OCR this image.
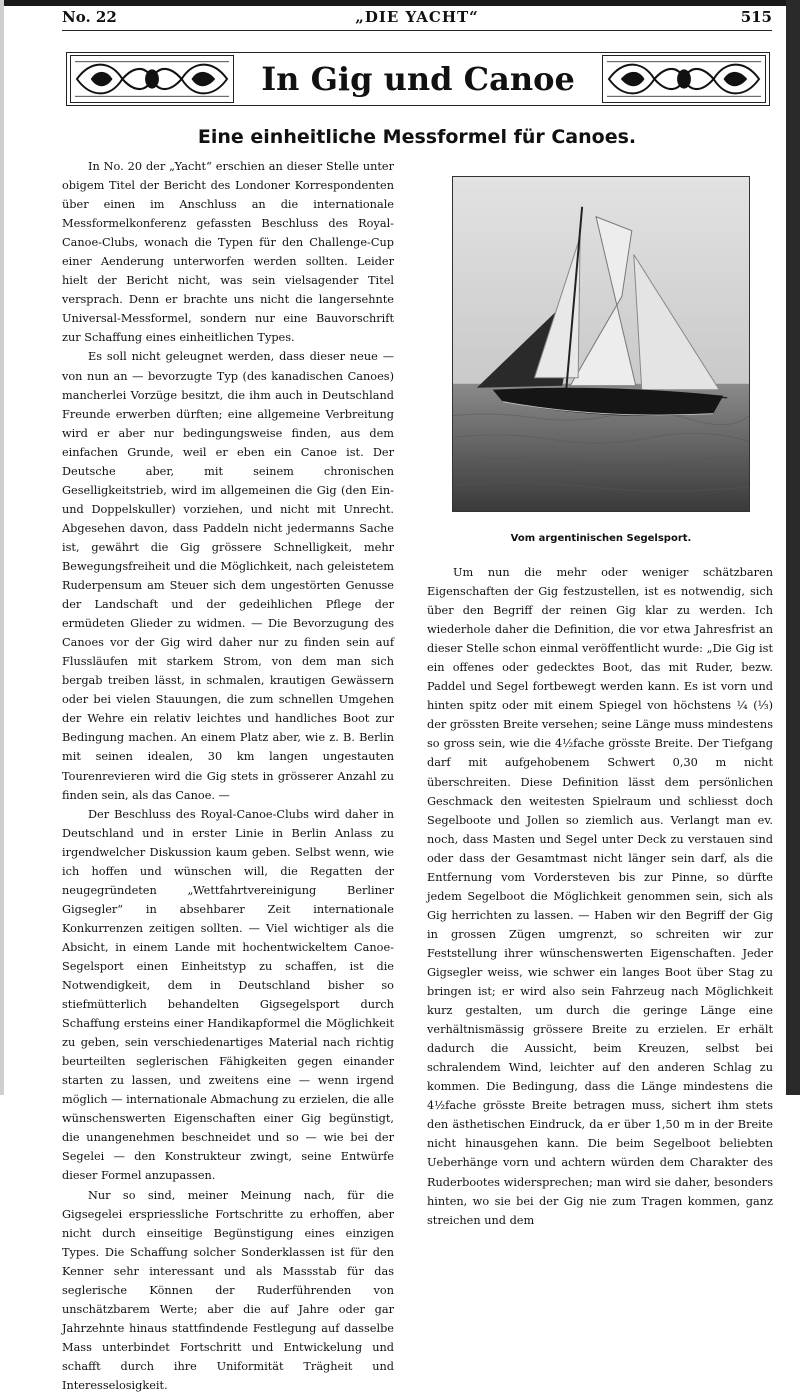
No. 22	„DIE YACHT“	515
In Gig und Canoe
Eine einheitliche Messformel für Canoes.

In No. 20 der „Yacht“ erschien an dieser Stelle unter obigem Titel der Bericht des Londoner Korrespondenten über einen im Anschluss an die internationale Messformelkonferenz gefassten Beschluss des Royal-Canoe-Clubs, wonach die Typen für den Challenge-Cup einer Aenderung unterworfen werden sollten. Leider hielt der Bericht nicht, was sein vielsagender Titel versprach. Denn er brachte uns nicht die langersehnte Universal-Messformel, sondern nur eine Bauvorschrift zur Schaffung eines einheitlichen Types.

Es soll nicht geleugnet werden, dass dieser neue — von nun an — bevorzugte Typ (des kanadischen Canoes) mancherlei Vorzüge besitzt, die ihm auch in Deutschland Freunde erwerben dürften; eine allgemeine Verbreitung wird er aber nur bedingungsweise finden, aus dem einfachen Grunde, weil er eben ein Canoe ist. Der Deutsche aber, mit seinem chronischen Geselligkeitstrieb, wird im allgemeinen die Gig (den Ein- und Doppelskuller) vorziehen, und nicht mit Unrecht. Abgesehen davon, dass Paddeln nicht jedermanns Sache ist, gewährt die Gig grössere Schnelligkeit, mehr Bewegungsfreiheit und die Möglichkeit, nach geleistetem Ruderpensum am Steuer sich dem ungestörten Genusse der Landschaft und der gedeihlichen Pflege der ermüdeten Glieder zu widmen. — Die Bevorzugung des Canoes vor der Gig wird daher nur zu finden sein auf Flussläufen mit starkem Strom, von dem man sich bergab treiben lässt, in schmalen, krautigen Gewässern oder bei vielen Stauungen, die zum schnellen Umgehen der Wehre ein relativ leichtes und handliches Boot zur Bedingung machen. An einem Platz aber, wie z. B. Berlin mit seinen idealen, 30 km langen ungestauten Tourenrevieren wird die Gig stets in grösserer Anzahl zu finden sein, als das Canoe. —

Der Beschluss des Royal-Canoe-Clubs wird daher in Deutschland und in erster Linie in Berlin Anlass zu irgendwelcher Diskussion kaum geben. Selbst wenn, wie ich hoffen und wünschen will, die Regatten der neugegründeten „Wettfahrtvereinigung Berliner Gigsegler“ in absehbarer Zeit internationale Konkurrenzen zeitigen sollten. — Viel wichtiger als die Absicht, in einem Lande mit hochentwickeltem Canoe-Segelsport einen Einheitstyp zu schaffen, ist die Notwendigkeit, dem in Deutschland bisher so stiefmütterlich behandelten Gigsegelsport durch Schaffung ersteins einer Handikapformel die Möglichkeit zu geben, sein verschiedenartiges Material nach richtig beurteilten seglerischen Fähigkeiten gegen einander starten zu lassen, und zweitens eine — wenn irgend möglich — internationale Abmachung zu erzielen, die alle wünschenswerten Eigenschaften einer Gig begünstigt, die unangenehmen beschneidet und so — wie bei der Segelei — den Konstrukteur zwingt, seine Entwürfe dieser Formel anzupassen.

Nur so sind, meiner Meinung nach, für die Gigsegelei erspriessliche Fortschritte zu erhoffen, aber nicht durch einseitige Begünstigung eines einzigen Types. Die Schaffung solcher Sonderklassen ist für den Kenner sehr interessant und als Massstab für das seglerische Können der Ruderführenden von unschätzbarem Werte; aber die auf Jahre oder gar Jahrzehnte hinaus stattfindende Festlegung auf dasselbe Mass unterbindet Fortschritt und Entwickelung und schafft durch ihre Uniformität Trägheit und Interesselosigkeit.

Vom argentinischen Segelsport.

Um nun die mehr oder weniger schätzbaren Eigenschaften der Gig festzustellen, ist es notwendig, sich über den Begriff der reinen Gig klar zu werden. Ich wiederhole daher die Definition, die vor etwa Jahresfrist an dieser Stelle schon einmal veröffentlicht wurde: „Die Gig ist ein offenes oder gedecktes Boot, das mit Ruder, bezw. Paddel und Segel fortbewegt werden kann. Es ist vorn und hinten spitz oder mit einem Spiegel von höchstens ¼ (⅓) der grössten Breite versehen; seine Länge muss mindestens so gross sein, wie die 4½fache grösste Breite. Der Tiefgang darf mit aufgehobenem Schwert 0,30 m nicht überschreiten. Diese Definition lässt dem persönlichen Geschmack den weitesten Spielraum und schliesst doch Segelboote und Jollen so ziemlich aus. Verlangt man ev. noch, dass Masten und Segel unter Deck zu verstauen sind oder dass der Gesamtmast nicht länger sein darf, als die Entfernung vom Vordersteven bis zur Pinne, so dürfte jedem Segelboot die Möglichkeit genommen sein, sich als Gig herrichten zu lassen. — Haben wir den Begriff der Gig in grossen Zügen umgrenzt, so schreiten wir zur Feststellung ihrer wünschenswerten Eigenschaften. Jeder Gigsegler weiss, wie schwer ein langes Boot über Stag zu bringen ist; er wird also sein Fahrzeug nach Möglichkeit kurz gestalten, um durch die geringe Länge eine verhältnismässig grössere Breite zu erzielen. Er erhält dadurch die Aussicht, beim Kreuzen, selbst bei schralendem Wind, leichter auf den anderen Schlag zu kommen. Die Bedingung, dass die Länge mindestens die 4½fache grösste Breite betragen muss, sichert ihm stets den ästhetischen Eindruck, da er über 1,50 m in der Breite nicht hinausgehen kann. Die beim Segelboot beliebten Ueberhänge vorn und achtern würden dem Charakter des Ruderbootes widersprechen; man wird sie daher, besonders hinten, wo sie bei der Gig nie zum Tragen kommen, ganz streichen und dem
